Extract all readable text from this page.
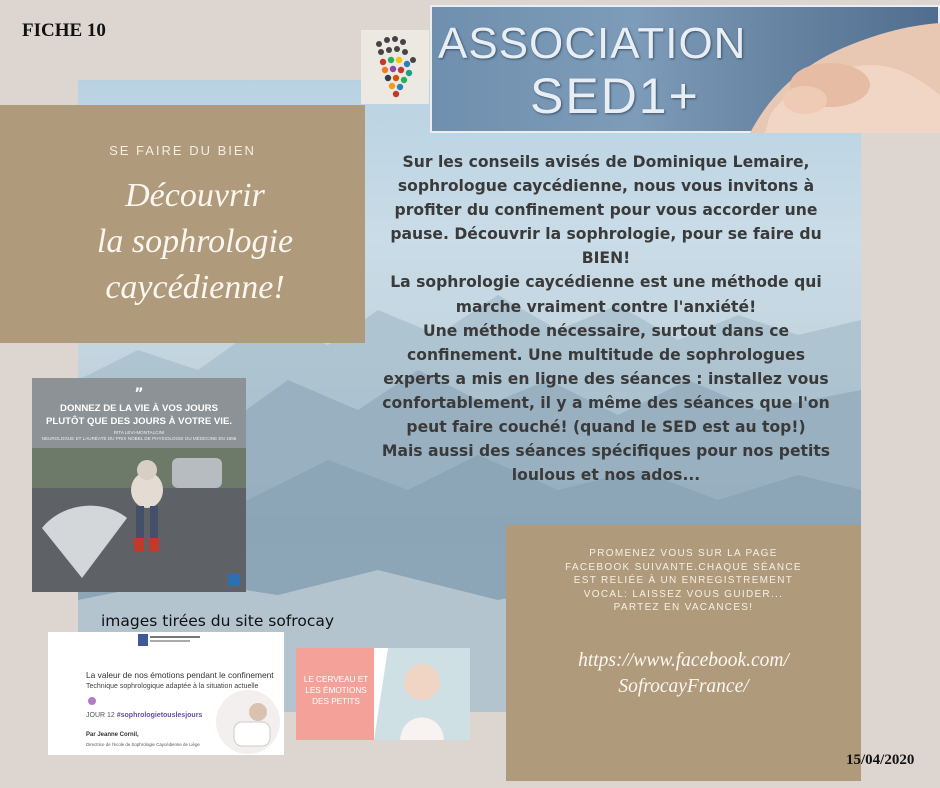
FICHE 10	ASSOCIATION
SED1+
SE FAIRE DU BIEN
Découvrir
la sophrologie
caycédienne!
Sur les conseils avisés de Dominique Lemaire,
sophrologue caycédienne, nous vous invitons à
profiter du confinement pour vous accorder une
pause. Découvrir la sophrologie, pour se faire du
BIEN!
La sophrologie caycédienne est une méthode qui
marche vraiment contre l'anxiété!
Une méthode nécessaire, surtout dans ce
confinement. Une multitude de sophrologues
experts a mis en ligne des séances : installez vous
confortablement, il y a même des séances que l'on
peut faire couché! (quand le SED est au top!)
Mais aussi des séances spécifiques pour nos petits
loulous et nos ados...
”
DONNEZ DE LA VIE À VOS JOURS
PLUTÔT QUE DES JOURS À VOTRE VIE.
RITA LEVI-MONTALCINI
NEUROLOGUE ET LAURÉATE DU PRIX NOBEL DE PHYSIOLOGIE OU MÉDECINE EN 1986
images tirées du site sofrocay
La valeur de nos émotions pendant le confinement
Technique sophrologique adaptée à la situation actuelle
JOUR 12 #sophrologietouslesjours
Par Jeanne Cornil,
Directrice de l'école de Sophrologie Caycédienne de Liège
LE CERVEAU ET
LES ÉMOTIONS
DES PETITS
PROMENEZ VOUS SUR LA PAGE
FACEBOOK SUIVANTE.CHAQUE SÉANCE
EST RELIÉE À UN ENREGISTREMENT
VOCAL: LAISSEZ VOUS GUIDER...
PARTEZ EN VACANCES!
https://www.facebook.com/
SofrocayFrance/
15/04/2020
